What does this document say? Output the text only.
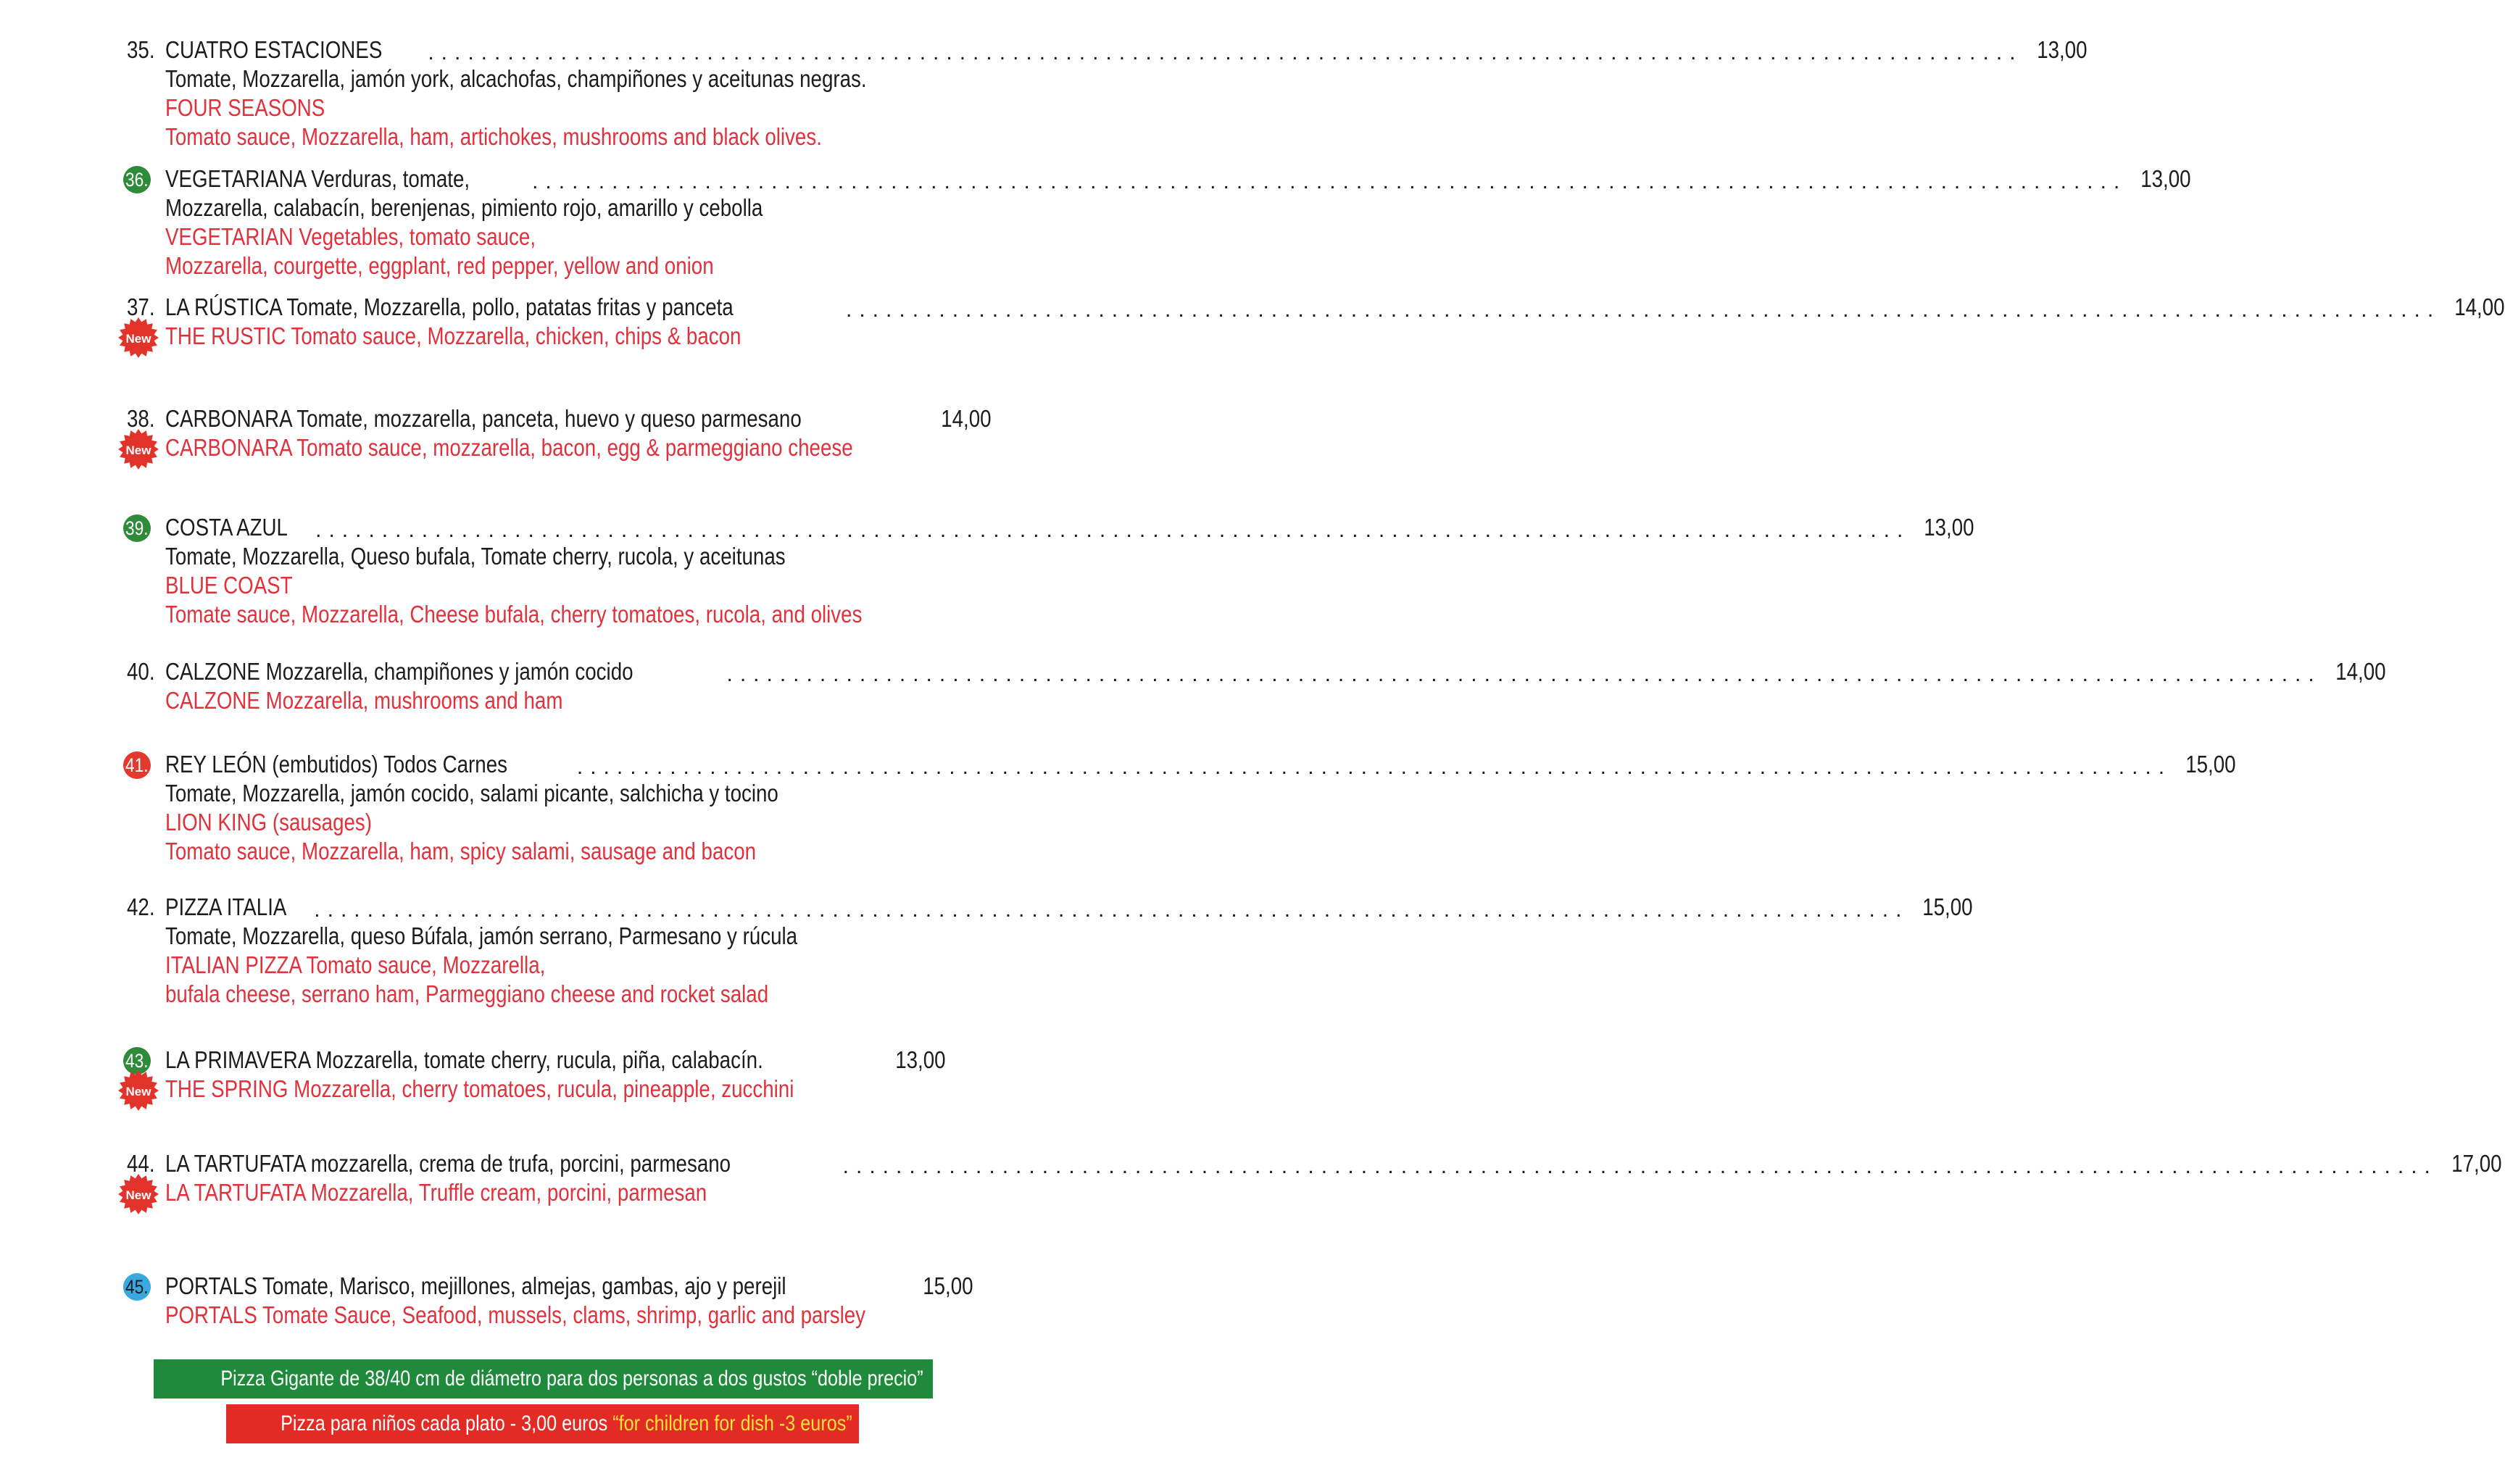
35. CUATRO ESTACIONES ........................................................................................................................ 13,00
Tomate, Mozzarella, jamón york, alcachofas, champiñones y aceitunas negras.
FOUR SEASONS
Tomato sauce, Mozzarella, ham, artichokes, mushrooms and black olives.
36. VEGETARIANA Verduras, tomate,	........................................................................................................................ 13,00
Mozzarella, calabacín, berenjenas, pimiento rojo, amarillo y cebolla
VEGETARIAN Vegetables, tomato sauce,
Mozzarella, courgette, eggplant, red pepper, yellow and onion
37. LA RÚSTICA Tomate, Mozzarella, pollo, patatas fritas y panceta	........................................................................................................................ 14,00
THE RUSTIC Tomato sauce, Mozzarella, chicken, chips & bacon
New
38. CARBONARA Tomate, mozzarella, panceta, huevo y queso parmesano	14,00
CARBONARA Tomato sauce, mozzarella, bacon, egg & parmeggiano cheese
New
39. COSTA AZUL ........................................................................................................................ 13,00
Tomate, Mozzarella, Queso bufala, Tomate cherry, rucola, y aceitunas
BLUE COAST
Tomate sauce, Mozzarella, Cheese bufala, cherry tomatoes, rucola, and olives
40. CALZONE Mozzarella, champiñones y jamón cocido	........................................................................................................................ 14,00
CALZONE Mozzarella, mushrooms and ham
41. REY LEÓN (embutidos) Todos Carnes	........................................................................................................................ 15,00
Tomate, Mozzarella, jamón cocido, salami picante, salchicha y tocino
LION KING (sausages)
Tomato sauce, Mozzarella, ham, spicy salami, sausage and bacon
42. PIZZA ITALIA ........................................................................................................................ 15,00
Tomate, Mozzarella, queso Búfala, jamón serrano, Parmesano y rúcula
ITALIAN PIZZA Tomato sauce, Mozzarella,
bufala cheese, serrano ham, Parmeggiano cheese and rocket salad
43. LA PRIMAVERA Mozzarella, tomate cherry, rucula, piña, calabacín.	13,00
THE SPRING Mozzarella, cherry tomatoes, rucula, pineapple, zucchini
New
44. LA TARTUFATA mozzarella, crema de trufa, porcini, parmesano	........................................................................................................................ 17,00
LA TARTUFATA Mozzarella, Truffle cream, porcini, parmesan
New
45. PORTALS Tomate, Marisco, mejillones, almejas, gambas, ajo y perejil	15,00
PORTALS Tomate Sauce, Seafood, mussels, clams, shrimp, garlic and parsley
Pizza Gigante de 38/40 cm de diámetro para dos personas a dos gustos “doble precio”
Pizza para niños cada plato - 3,00 euros “for children for dish -3 euros”
